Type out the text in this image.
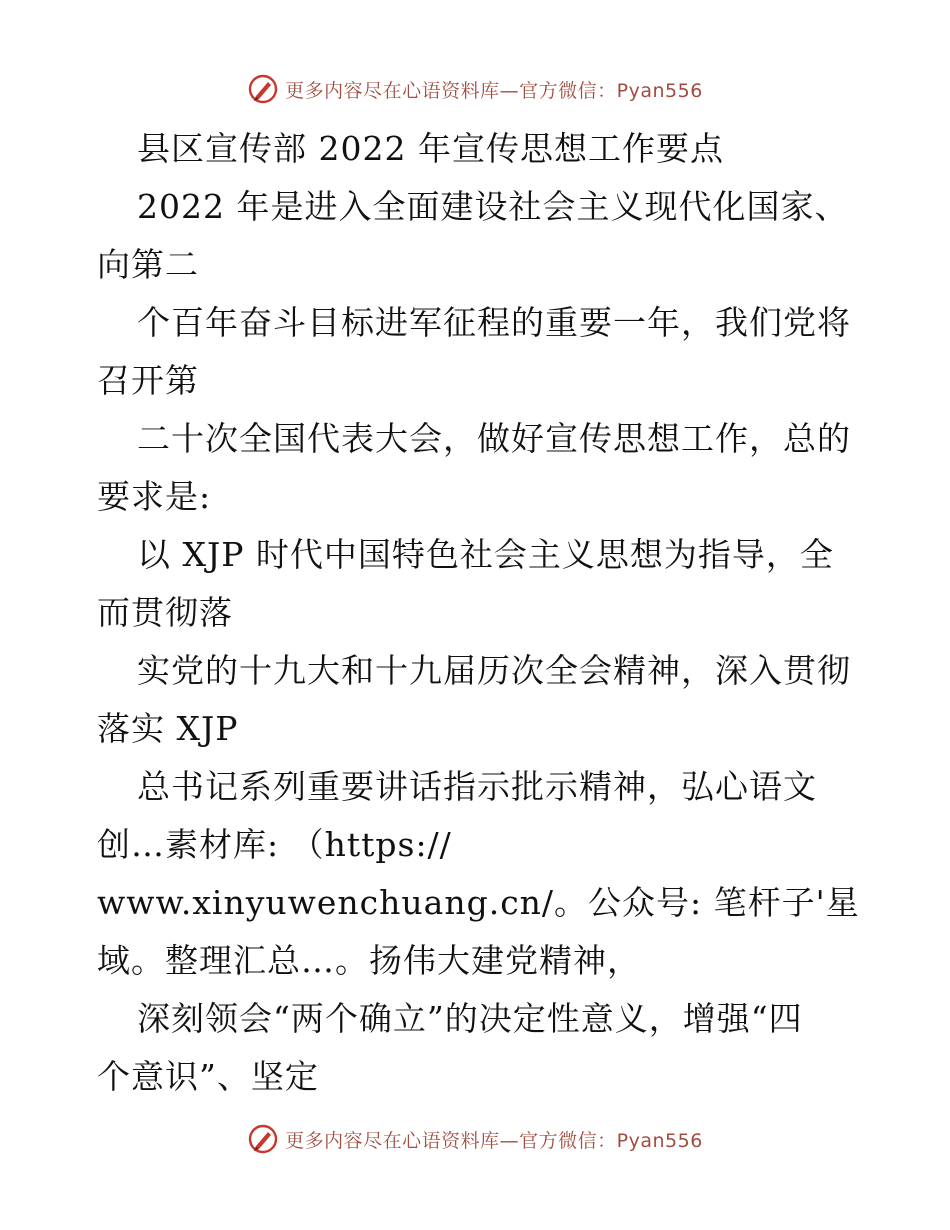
更多内容尽在心语资料库—官方微信：Pyan556
县区宣传部 2022 年宣传思想工作要点
2022 年是进入全面建设社会主义现代化国家、
向第二
个百年奋斗目标进军征程的重要一年，我们党将
召开第
二十次全国代表大会，做好宣传思想工作，总的
要求是:
以 XJP 时代中国特色社会主义思想为指导，全
而贯彻落
实党的十九大和十九届历次全会精神，深入贯彻
落实 XJP
总书记系列重要讲话指示批示精神，弘心语文
创…素材库: （https://
www.xinyuwenchuang.cn/。公众号: 笔杆子'星
域。整理汇总…。扬伟大建党精神，
深刻领会“两个确立”的决定性意义，增强“四
个意识”、坚定
更多内容尽在心语资料库—官方微信：Pyan556
